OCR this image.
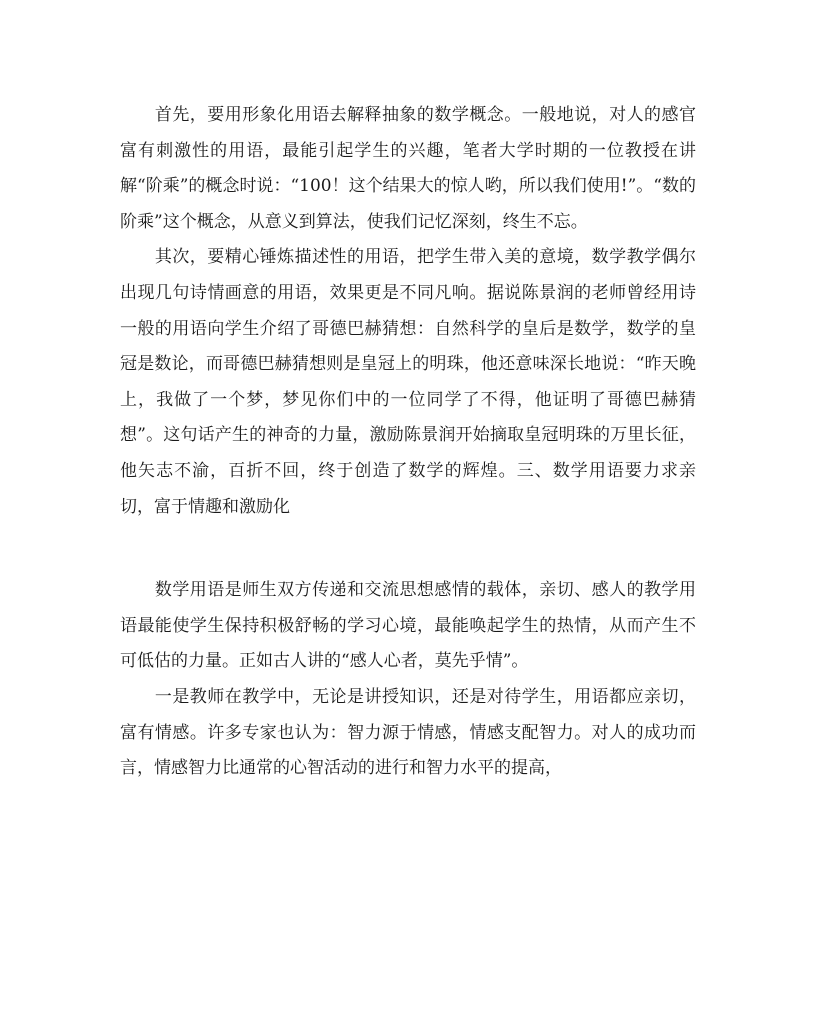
首先，要用形象化用语去解释抽象的数学概念。一般地说，对人的感官富有刺激性的用语，最能引起学生的兴趣，笔者大学时期的一位教授在讲解“阶乘”的概念时说：“100！这个结果大的惊人哟，所以我们使用!”。“数的阶乘”这个概念，从意义到算法，使我们记忆深刻，终生不忘。

其次，要精心锤炼描述性的用语，把学生带入美的意境，数学教学偶尔出现几句诗情画意的用语，效果更是不同凡响。据说陈景润的老师曾经用诗一般的用语向学生介绍了哥德巴赫猜想：自然科学的皇后是数学，数学的皇冠是数论，而哥德巴赫猜想则是皇冠上的明珠，他还意味深长地说：“昨天晚上，我做了一个梦，梦见你们中的一位同学了不得，他证明了哥德巴赫猜想”。这句话产生的神奇的力量，激励陈景润开始摘取皇冠明珠的万里长征，他矢志不渝，百折不回，终于创造了数学的辉煌。三、数学用语要力求亲切，富于情趣和激励化

数学用语是师生双方传递和交流思想感情的载体，亲切、感人的教学用语最能使学生保持积极舒畅的学习心境，最能唤起学生的热情，从而产生不可低估的力量。正如古人讲的“感人心者，莫先乎情”。

一是教师在教学中，无论是讲授知识，还是对待学生，用语都应亲切，富有情感。许多专家也认为：智力源于情感，情感支配智力。对人的成功而言，情感智力比通常的心智活动的进行和智力水平的提高，
